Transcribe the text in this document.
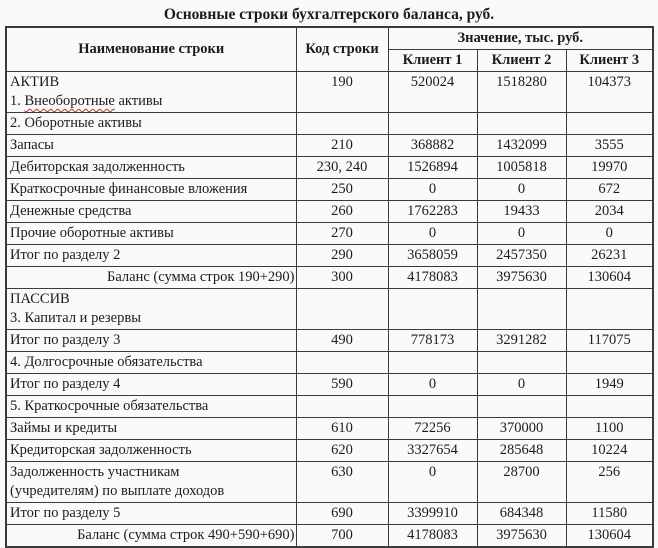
Основные строки бухгалтерского баланса, руб.
Наименование строки	Код строки	Значение, тыс. руб.		
		Клиент 1	Клиент 2	Клиент 3

АКТИВ
1. Внеоборотные активы	190	520024	1518280	104373

2. Оборотные активы				

Запасы	210	368882	1432099	3555

Дебиторская задолженность	230, 240	1526894	1005818	19970

Краткосрочные финансовые вложения	250	0	0	672

Денежные средства	260	1762283	19433	2034

Прочие оборотные активы	270	0	0	0

Итог по разделу 2	290	3658059	2457350	26231

Баланс (сумма строк 190+290)	300	4178083	3975630	130604

ПАССИВ
3. Капитал и резервы				

Итог по разделу 3	490	778173	3291282	117075

4. Долгосрочные обязательства				

Итог по разделу 4	590	0	0	1949

5. Краткосрочные обязательства				

Займы и кредиты	610	72256	370000	1100

Кредиторская задолженность	620	3327654	285648	10224

Задолженность участникам
(учредителям) по выплате доходов	630	0	28700	256

Итог по разделу 5	690	3399910	684348	11580

Баланс (сумма строк 490+590+690)	700	4178083	3975630	130604
